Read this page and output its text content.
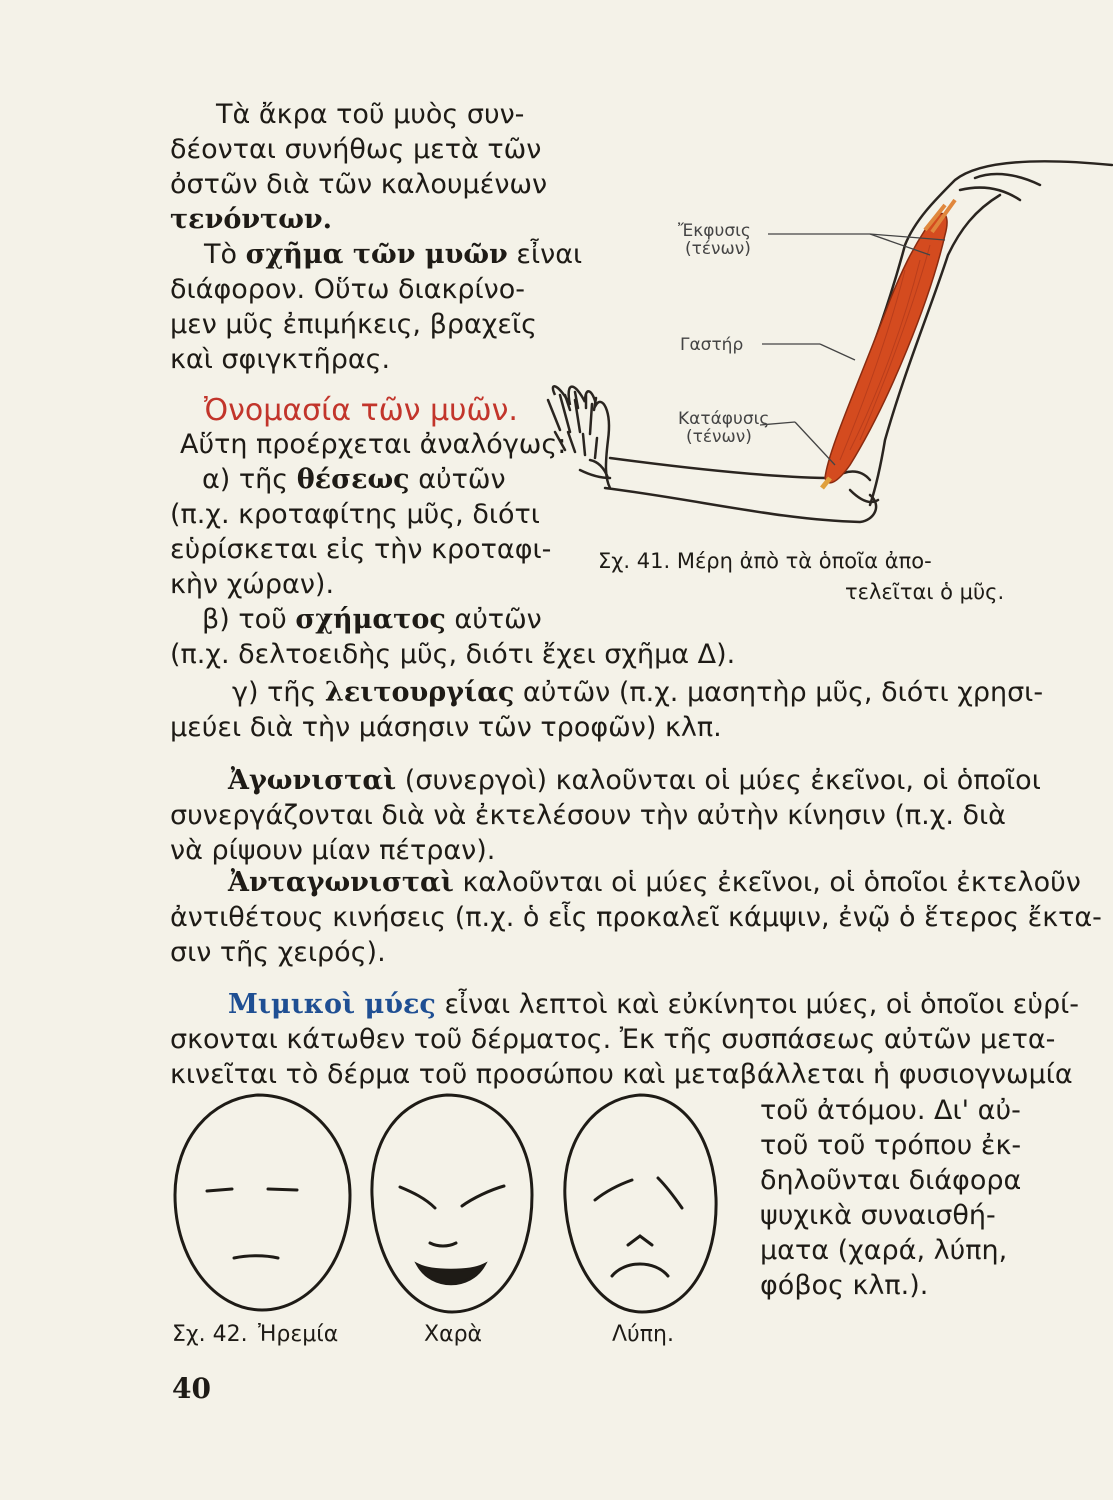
Τὰ ἄκρα τοῦ μυὸς συν-
δέονται συνήθως μετὰ τῶν
ὀστῶν διὰ τῶν καλουμένων
τενόντων.
Τὸ σχῆμα τῶν μυῶν εἶναι
διάφορον. Οὕτω διακρίνο-
μεν μῦς ἐπιμήκεις, βραχεῖς
καὶ σφιγκτῆρας.
Ὀνομασία τῶν μυῶν.
Αὕτη προέρχεται ἀναλόγως:
α) τῆς θέσεως αὐτῶν
(π.χ. κροταφίτης μῦς, διότι
εὑρίσκεται εἰς τὴν κροταφι-
κὴν χώραν).
β) τοῦ σχήματος αὐτῶν
(π.χ. δελτοειδὴς μῦς, διότι ἔχει σχῆμα Δ).
γ) τῆς λειτουργίας αὐτῶν (π.χ. μασητὴρ μῦς, διότι χρησι-
μεύει διὰ τὴν μάσησιν τῶν τροφῶν) κλπ.
Ἀγωνισταὶ (συνεργοὶ) καλοῦνται οἱ μύες ἐκεῖνοι, οἱ ὁποῖοι
συνεργάζονται διὰ νὰ ἐκτελέσουν τὴν αὐτὴν κίνησιν (π.χ. διὰ
νὰ ρίψουν μίαν πέτραν).
Ἀνταγωνισταὶ καλοῦνται οἱ μύες ἐκεῖνοι, οἱ ὁποῖοι ἐκτελοῦν
ἀντιθέτους κινήσεις (π.χ. ὁ εἷς προκαλεῖ κάμψιν, ἐνῷ ὁ ἕτερος ἔκτα-
σιν τῆς χειρός).
Μιμικοὶ μύες εἶναι λεπτοὶ καὶ εὐκίνητοι μύες, οἱ ὁποῖοι εὑρί-
σκονται κάτωθεν τοῦ δέρματος. Ἐκ τῆς συσπάσεως αὐτῶν μετα-
κινεῖται τὸ δέρμα τοῦ προσώπου καὶ μεταβάλλεται ἡ φυσιογνωμία
τοῦ ἀτόμου. Δι' αὐ-
τοῦ τοῦ τρόπου ἐκ-
δηλοῦνται διάφορα
ψυχικὰ συναισθή-
ματα (χαρά, λύπη,
φόβος κλπ.).
Ἔκφυσις
(τένων)
Γαστήρ
Κατάφυσις
(τένων)
Σχ. 41. Μέρη ἀπὸ τὰ ὁποῖα ἀπο-
τελεῖται ὁ μῦς.
Σχ. 42. Ἠρεμία	Χαρὰ	Λύπη.
40
